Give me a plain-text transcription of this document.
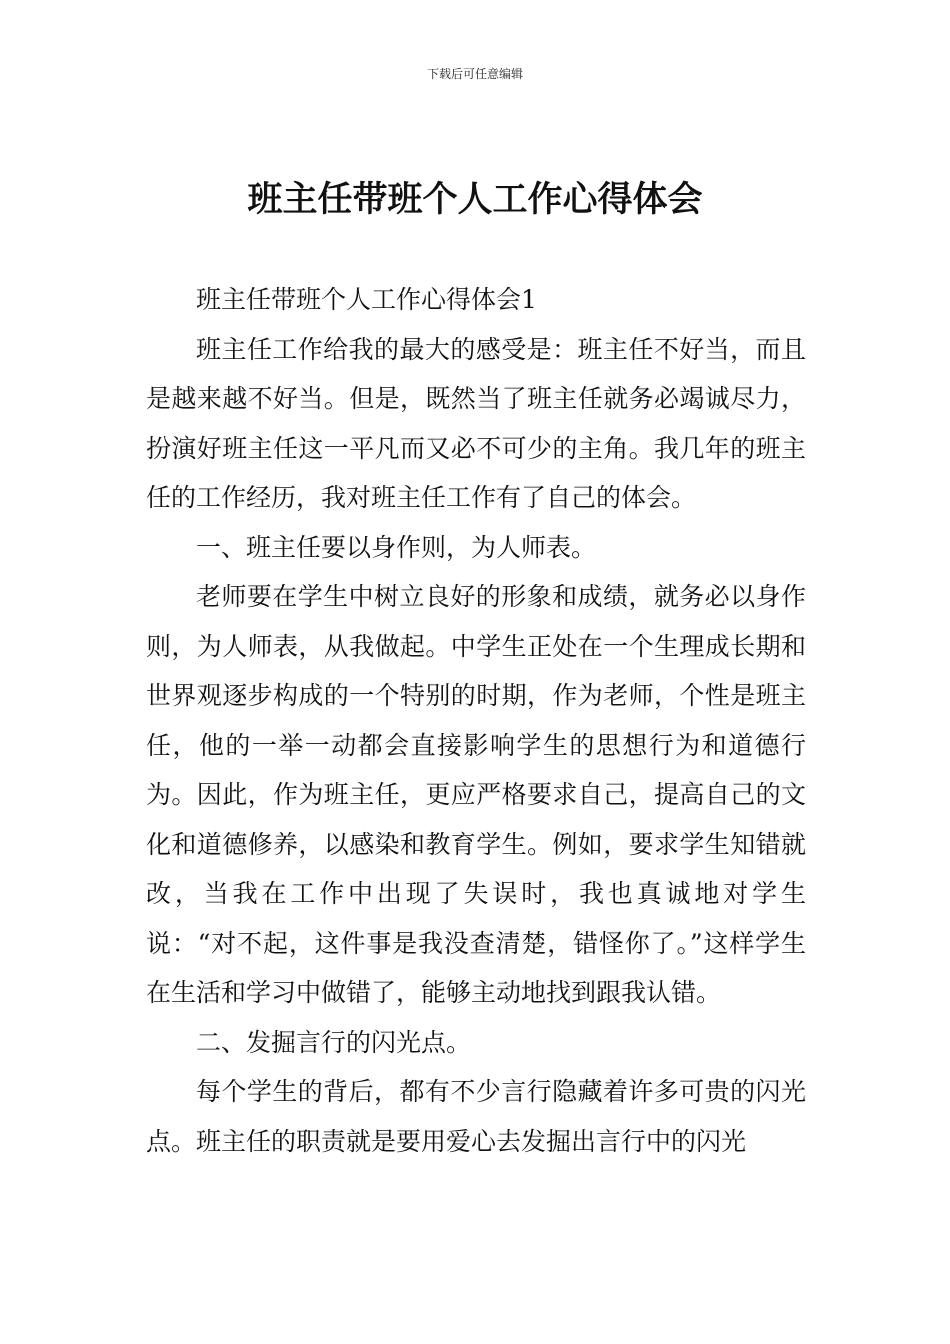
下载后可任意编辑
班主任带班个人工作心得体会

班主任带班个人工作心得体会1

班主任工作给我的最大的感受是：班主任不好当，而且是越来越不好当。但是，既然当了班主任就务必竭诚尽力，扮演好班主任这一平凡而又必不可少的主角。我几年的班主任的工作经历，我对班主任工作有了自己的体会。

一、班主任要以身作则，为人师表。

老师要在学生中树立良好的形象和成绩，就务必以身作则，为人师表，从我做起。中学生正处在一个生理成长期和世界观逐步构成的一个特别的时期，作为老师，个性是班主任，他的一举一动都会直接影响学生的思想行为和道德行为。因此，作为班主任，更应严格要求自己，提高自己的文化和道德修养，以感染和教育学生。例如，要求学生知错就改，当我在工作中出现了失误时，我也真诚地对学生说：“对不起，这件事是我没查清楚，错怪你了。”这样学生在生活和学习中做错了，能够主动地找到跟我认错。

二、发掘言行的闪光点。

每个学生的背后，都有不少言行隐藏着许多可贵的闪光点。班主任的职责就是要用爱心去发掘出言行中的闪光
